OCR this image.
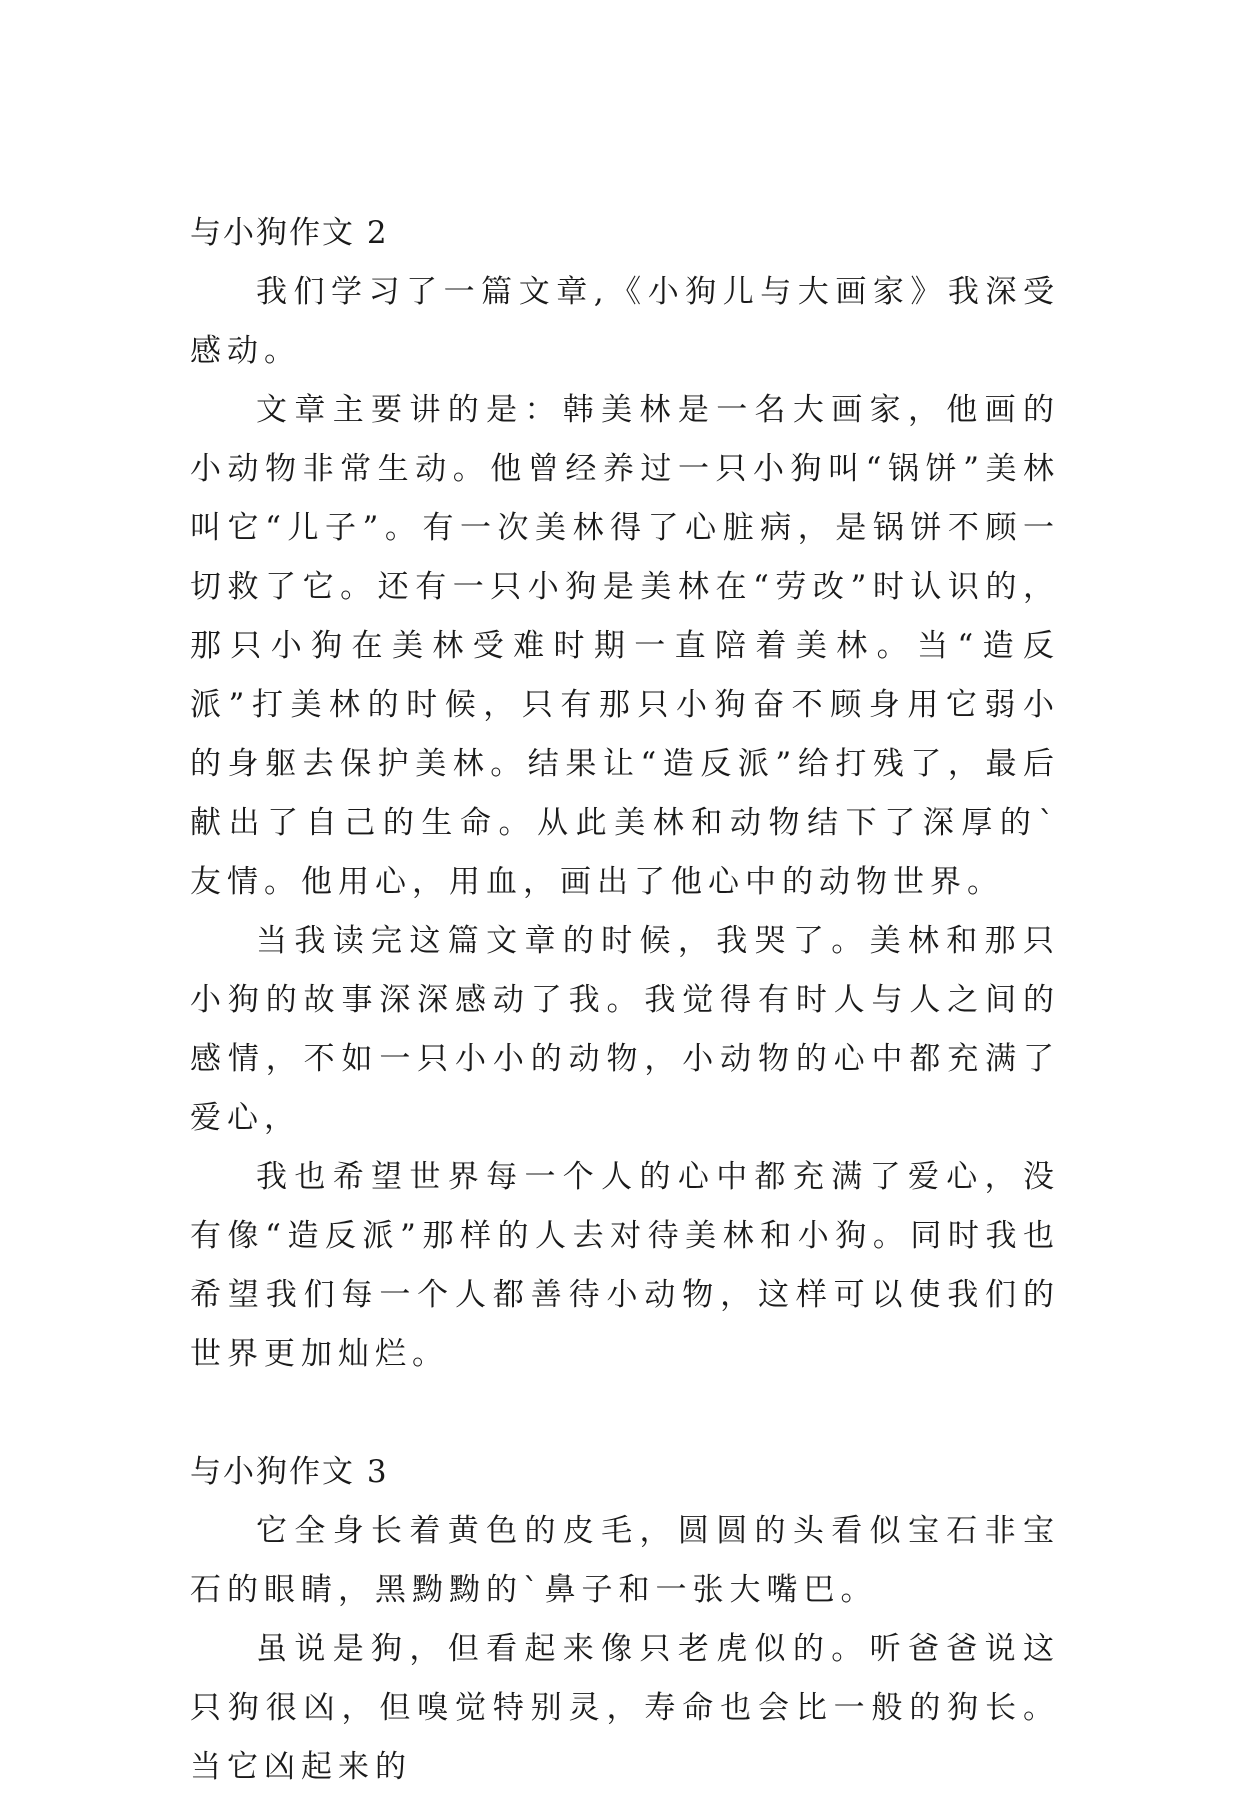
与小狗作文 2

我们学习了一篇文章,《小狗儿与大画家》我深受感动。

文章主要讲的是：韩美林是一名大画家，他画的小动物非常生动。他曾经养过一只小狗叫“锅饼”美林叫它“儿子”。有一次美林得了心脏病，是锅饼不顾一切救了它。还有一只小狗是美林在“劳改”时认识的，那只小狗在美林受难时期一直陪着美林。当“造反派”打美林的时候，只有那只小狗奋不顾身用它弱小的身躯去保护美林。结果让“造反派”给打残了，最后献出了自己的生命。从此美林和动物结下了深厚的`友情。他用心，用血，画出了他心中的动物世界。

当我读完这篇文章的时候，我哭了。美林和那只小狗的故事深深感动了我。我觉得有时人与人之间的感情，不如一只小小的动物，小动物的心中都充满了爱心，

我也希望世界每一个人的心中都充满了爱心，没有像“造反派”那样的人去对待美林和小狗。同时我也希望我们每一个人都善待小动物，这样可以使我们的世界更加灿烂。

与小狗作文 3

它全身长着黄色的皮毛，圆圆的头看似宝石非宝石的眼睛，黑黝黝的`鼻子和一张大嘴巴。

虽说是狗，但看起来像只老虎似的。听爸爸说这只狗很凶，但嗅觉特别灵，寿命也会比一般的狗长。当它凶起来的
